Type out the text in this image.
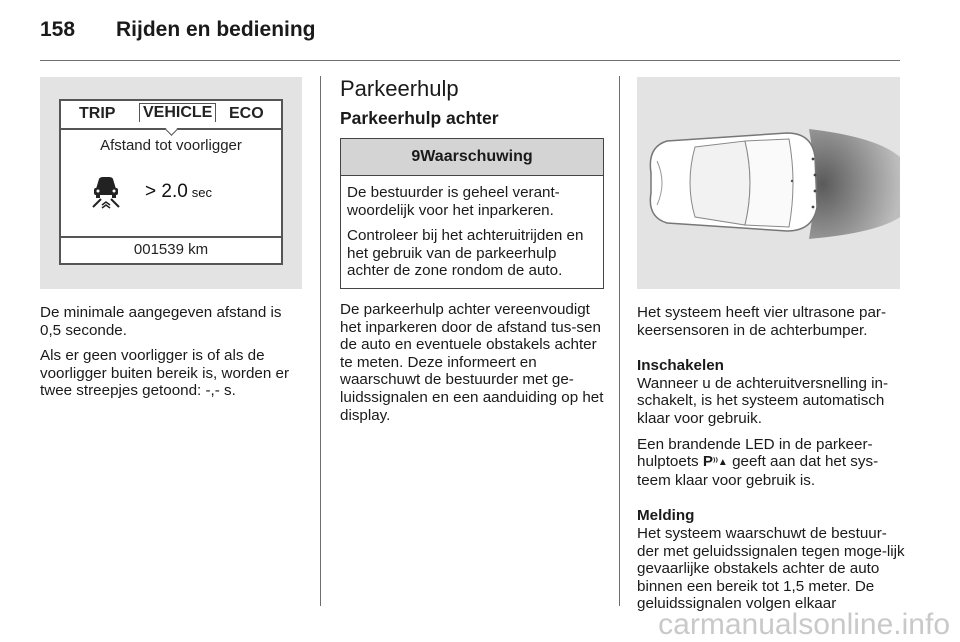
158 Rijden en bediening
TRIP VEHICLE ECO
Afstand tot voorligger
> 2.0 sec
001539 km

De minimale aangegeven afstand is 0,5 seconde.

Als er geen voorligger is of als de voorligger buiten bereik is, worden er twee streepjes getoond: -,- s.

Parkeerhulp
Parkeerhulp achter
9Waarschuwing

De bestuurder is geheel verant-woordelijk voor het inparkeren.

Controleer bij het achteruitrijden en het gebruik van de parkeerhulp achter de zone rondom de auto.

De parkeerhulp achter vereenvoudigt het inparkeren door de afstand tus-sen de auto en eventuele obstakels achter te meten. Deze informeert en waarschuwt de bestuurder met ge-luidssignalen en een aanduiding op het display.

Het systeem heeft vier ultrasone par-keersensoren in de achterbumper.

Inschakelen

Wanneer u de achteruitversnelling in-schakelt, is het systeem automatisch klaar voor gebruik.

Een brandende LED in de parkeer-hulptoets P⁾⁾▲ geeft aan dat het sys-teem klaar voor gebruik is.

Melding

Het systeem waarschuwt de bestuur-der met geluidssignalen tegen moge-lijk gevaarlijke obstakels achter de auto binnen een bereik tot 1,5 meter. De geluidssignalen volgen elkaar

carmanualsonline.info
